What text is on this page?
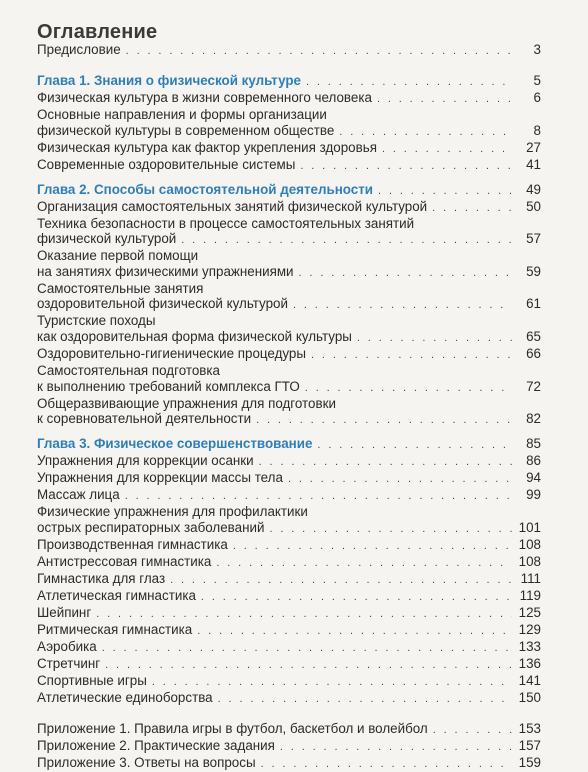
Оглавление
Предисловие . . .	3
Глава 1. Знания о физической культуре . . .	5
Физическая культура в жизни современного человека . . .	6
Основные направления и формы организации
физической культуры в современном обществе . . .	8
Физическая культура как фактор укрепления здоровья . . .	27
Современные оздоровительные системы . . .	41
Глава 2. Способы самостоятельной деятельности . . .	49
Организация самостоятельных занятий физической культурой . . .	50
Техника безопасности в процессе самостоятельных занятий
физической культурой . . .	57
Оказание первой помощи
на занятиях физическими упражнениями . . .	59
Самостоятельные занятия
оздоровительной физической культурой . . .	61
Туристские походы
как оздоровительная форма физической культуры . . .	65
Оздоровительно-гигиенические процедуры . . .	66
Самостоятельная подготовка
к выполнению требований комплекса ГТО . . .	72
Общеразвивающие упражнения для подготовки
к соревновательной деятельности . . .	82
Глава 3. Физическое совершенствование . . .	85
Упражнения для коррекции осанки . . .	86
Упражнения для коррекции массы тела . . .	94
Массаж лица . . .	99
Физические упражнения для профилактики
острых респираторных заболеваний . . .	101
Производственная гимнастика . . .	108
Антистрессовая гимнастика . . .	108
Гимнастика для глаз . . .	111
Атлетическая гимнастика . . .	119
Шейпинг . . .	125
Ритмическая гимнастика . . .	129
Аэробика . . .	133
Стретчинг . . .	136
Спортивные игры . . .	141
Атлетические единоборства . . .	150
Приложение 1. Правила игры в футбол, баскетбол и волейбол . . .	153
Приложение 2. Практические задания . . .	157
Приложение 3. Ответы на вопросы . . .	159
